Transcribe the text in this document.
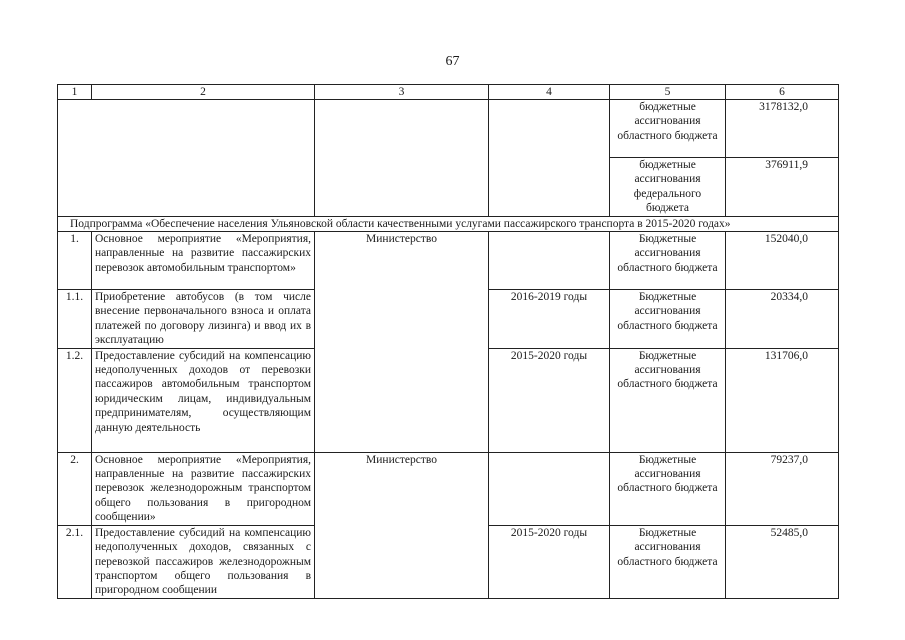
67
1	2	3	4	5	6
				бюджетные ассигнования областного бюджета	3178132,0
				бюджетные ассигнования федерального бюджета	376911,9
Подпрограмма «Обеспечение населения Ульяновской области качественными услугами пассажирского транспорта в 2015-2020 годах»					
1.	Основное мероприятие «Мероприятия, направленные на развитие пассажирских перевозок автомобильным транспортом»	Министерство		Бюджетные ассигнования областного бюджета	152040,0
1.1.	Приобретение автобусов (в том числе внесение первоначального взноса и оплата платежей по договору лизинга) и ввод их в эксплуатацию		2016-2019 годы	Бюджетные ассигнования областного бюджета	20334,0
1.2.	Предоставление субсидий на компенсацию недополученных доходов от перевозки пассажиров автомобильным транспортом юридическим лицам, индивидуальным предпринимателям, осуществляющим данную деятельность		2015-2020 годы	Бюджетные ассигнования областного бюджета	131706,0
2.	Основное мероприятие «Мероприятия, направленные на развитие пассажирских перевозок железнодорожным транспортом общего пользования в пригородном сообщении»	Министерство		Бюджетные ассигнования областного бюджета	79237,0
2.1.	Предоставление субсидий на компенсацию недополученных доходов, связанных с перевозкой пассажиров железнодорожным транспортом общего пользования в пригородном сообщении		2015-2020 годы	Бюджетные ассигнования областного бюджета	52485,0
